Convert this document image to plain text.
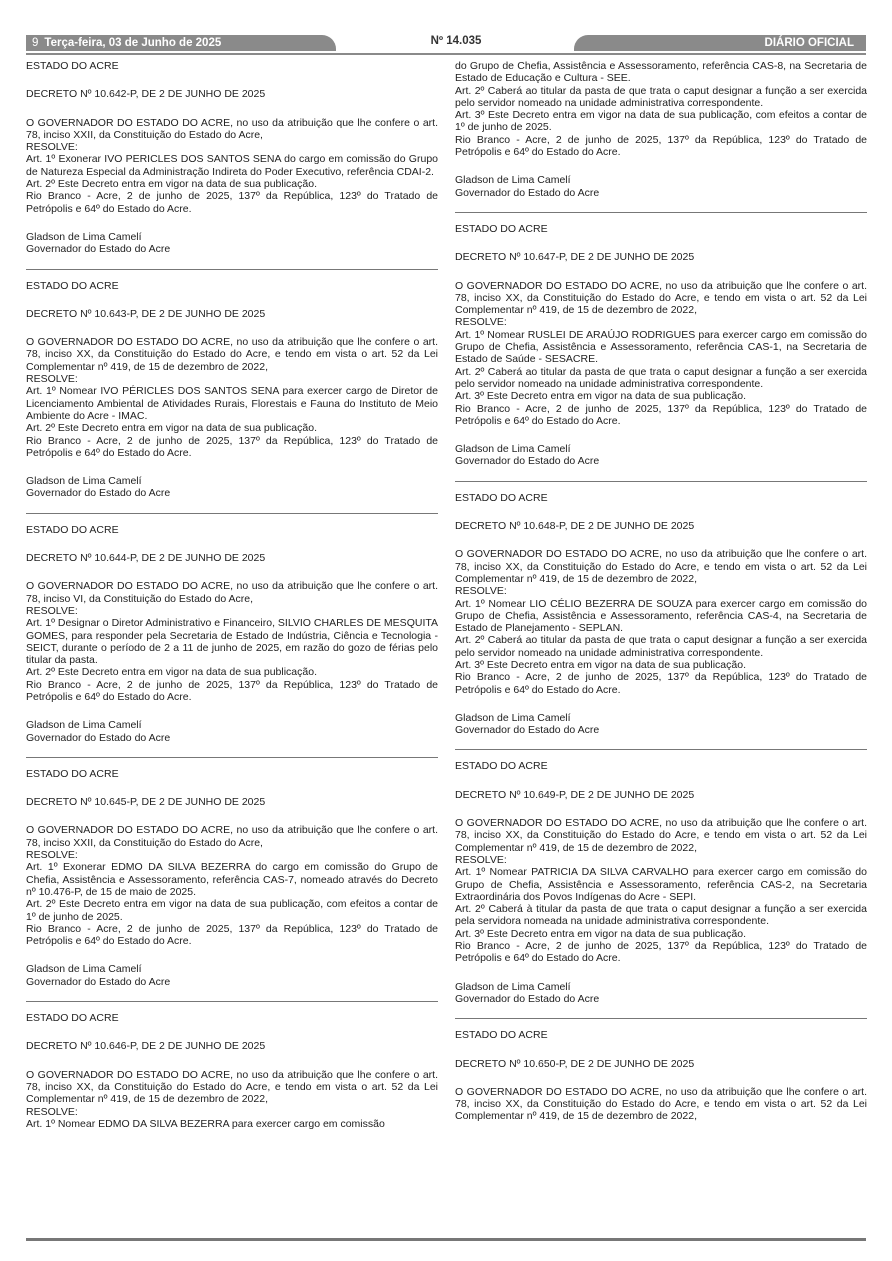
9 Terça-feira, 03 de Junho de 2025	Nº 14.035	DIÁRIO OFICIAL

ESTADO DO ACRE

DECRETO Nº 10.642-P, DE 2 DE JUNHO DE 2025

O GOVERNADOR DO ESTADO DO ACRE, no uso da atribuição que lhe confere o art. 78, inciso XXII, da Constituição do Estado do Acre,

RESOLVE:

Art. 1º Exonerar IVO PERICLES DOS SANTOS SENA do cargo em comissão do Grupo de Natureza Especial da Administração Indireta do Poder Executivo, referência CDAI-2.

Art. 2º Este Decreto entra em vigor na data de sua publicação.

Rio Branco - Acre, 2 de junho de 2025, 137º da República, 123º do Tratado de Petrópolis e 64º do Estado do Acre.

Gladson de Lima Camelí

Governador do Estado do Acre

ESTADO DO ACRE

DECRETO Nº 10.643-P, DE 2 DE JUNHO DE 2025

O GOVERNADOR DO ESTADO DO ACRE, no uso da atribuição que lhe confere o art. 78, inciso XX, da Constituição do Estado do Acre, e tendo em vista o art. 52 da Lei Complementar nº 419, de 15 de dezembro de 2022,

RESOLVE:

Art. 1º Nomear IVO PÉRICLES DOS SANTOS SENA para exercer cargo de Diretor de Licenciamento Ambiental de Atividades Rurais, Florestais e Fauna do Instituto de Meio Ambiente do Acre - IMAC.

Art. 2º Este Decreto entra em vigor na data de sua publicação.

Rio Branco - Acre, 2 de junho de 2025, 137º da República, 123º do Tratado de Petrópolis e 64º do Estado do Acre.

Gladson de Lima Camelí

Governador do Estado do Acre

ESTADO DO ACRE

DECRETO Nº 10.644-P, DE 2 DE JUNHO DE 2025

O GOVERNADOR DO ESTADO DO ACRE, no uso da atribuição que lhe confere o art. 78, inciso VI, da Constituição do Estado do Acre,

RESOLVE:

Art. 1º Designar o Diretor Administrativo e Financeiro, SILVIO CHARLES DE MESQUITA GOMES, para responder pela Secretaria de Estado de Indústria, Ciência e Tecnologia - SEICT, durante o período de 2 a 11 de junho de 2025, em razão do gozo de férias pelo titular da pasta.

Art. 2º Este Decreto entra em vigor na data de sua publicação.

Rio Branco - Acre, 2 de junho de 2025, 137º da República, 123º do Tratado de Petrópolis e 64º do Estado do Acre.

Gladson de Lima Camelí

Governador do Estado do Acre

ESTADO DO ACRE

DECRETO Nº 10.645-P, DE 2 DE JUNHO DE 2025

O GOVERNADOR DO ESTADO DO ACRE, no uso da atribuição que lhe confere o art. 78, inciso XXII, da Constituição do Estado do Acre,

RESOLVE:

Art. 1º Exonerar EDMO DA SILVA BEZERRA do cargo em comissão do Grupo de Chefia, Assistência e Assessoramento, referência CAS-7, nomeado através do Decreto nº 10.476-P, de 15 de maio de 2025.

Art. 2º Este Decreto entra em vigor na data de sua publicação, com efeitos a contar de 1º de junho de 2025.

Rio Branco - Acre, 2 de junho de 2025, 137º da República, 123º do Tratado de Petrópolis e 64º do Estado do Acre.

Gladson de Lima Camelí

Governador do Estado do Acre

ESTADO DO ACRE

DECRETO Nº 10.646-P, DE 2 DE JUNHO DE 2025

O GOVERNADOR DO ESTADO DO ACRE, no uso da atribuição que lhe confere o art. 78, inciso XX, da Constituição do Estado do Acre, e tendo em vista o art. 52 da Lei Complementar nº 419, de 15 de dezembro de 2022,

RESOLVE:

Art. 1º Nomear EDMO DA SILVA BEZERRA para exercer cargo em comissão

do Grupo de Chefia, Assistência e Assessoramento, referência CAS-8, na Secretaria de Estado de Educação e Cultura - SEE.

Art. 2º Caberá ao titular da pasta de que trata o caput designar a função a ser exercida pelo servidor nomeado na unidade administrativa correspondente.

Art. 3º Este Decreto entra em vigor na data de sua publicação, com efeitos a contar de 1º de junho de 2025.

Rio Branco - Acre, 2 de junho de 2025, 137º da República, 123º do Tratado de Petrópolis e 64º do Estado do Acre.

Gladson de Lima Camelí

Governador do Estado do Acre

ESTADO DO ACRE

DECRETO Nº 10.647-P, DE 2 DE JUNHO DE 2025

O GOVERNADOR DO ESTADO DO ACRE, no uso da atribuição que lhe confere o art. 78, inciso XX, da Constituição do Estado do Acre, e tendo em vista o art. 52 da Lei Complementar nº 419, de 15 de dezembro de 2022,

RESOLVE:

Art. 1º Nomear RUSLEI DE ARAÚJO RODRIGUES para exercer cargo em comissão do Grupo de Chefia, Assistência e Assessoramento, referência CAS-1, na Secretaria de Estado de Saúde - SESACRE.

Art. 2º Caberá ao titular da pasta de que trata o caput designar a função a ser exercida pelo servidor nomeado na unidade administrativa correspondente.

Art. 3º Este Decreto entra em vigor na data de sua publicação.

Rio Branco - Acre, 2 de junho de 2025, 137º da República, 123º do Tratado de Petrópolis e 64º do Estado do Acre.

Gladson de Lima Camelí

Governador do Estado do Acre

ESTADO DO ACRE

DECRETO Nº 10.648-P, DE 2 DE JUNHO DE 2025

O GOVERNADOR DO ESTADO DO ACRE, no uso da atribuição que lhe confere o art. 78, inciso XX, da Constituição do Estado do Acre, e tendo em vista o art. 52 da Lei Complementar nº 419, de 15 de dezembro de 2022,

RESOLVE:

Art. 1º Nomear LIO CÉLIO BEZERRA DE SOUZA para exercer cargo em comissão do Grupo de Chefia, Assistência e Assessoramento, referência CAS-4, na Secretaria de Estado de Planejamento - SEPLAN.

Art. 2º Caberá ao titular da pasta de que trata o caput designar a função a ser exercida pelo servidor nomeado na unidade administrativa correspondente.

Art. 3º Este Decreto entra em vigor na data de sua publicação.

Rio Branco - Acre, 2 de junho de 2025, 137º da República, 123º do Tratado de Petrópolis e 64º do Estado do Acre.

Gladson de Lima Camelí

Governador do Estado do Acre

ESTADO DO ACRE

DECRETO Nº 10.649-P, DE 2 DE JUNHO DE 2025

O GOVERNADOR DO ESTADO DO ACRE, no uso da atribuição que lhe confere o art. 78, inciso XX, da Constituição do Estado do Acre, e tendo em vista o art. 52 da Lei Complementar nº 419, de 15 de dezembro de 2022,

RESOLVE:

Art. 1º Nomear PATRICIA DA SILVA CARVALHO para exercer cargo em comissão do Grupo de Chefia, Assistência e Assessoramento, referência CAS-2, na Secretaria Extraordinária dos Povos Indígenas do Acre - SEPI.

Art. 2º Caberá à titular da pasta de que trata o caput designar a função a ser exercida pela servidora nomeada na unidade administrativa correspondente.

Art. 3º Este Decreto entra em vigor na data de sua publicação.

Rio Branco - Acre, 2 de junho de 2025, 137º da República, 123º do Tratado de Petrópolis e 64º do Estado do Acre.

Gladson de Lima Camelí

Governador do Estado do Acre

ESTADO DO ACRE

DECRETO Nº 10.650-P, DE 2 DE JUNHO DE 2025

O GOVERNADOR DO ESTADO DO ACRE, no uso da atribuição que lhe confere o art. 78, inciso XX, da Constituição do Estado do Acre, e tendo em vista o art. 52 da Lei Complementar nº 419, de 15 de dezembro de 2022,
